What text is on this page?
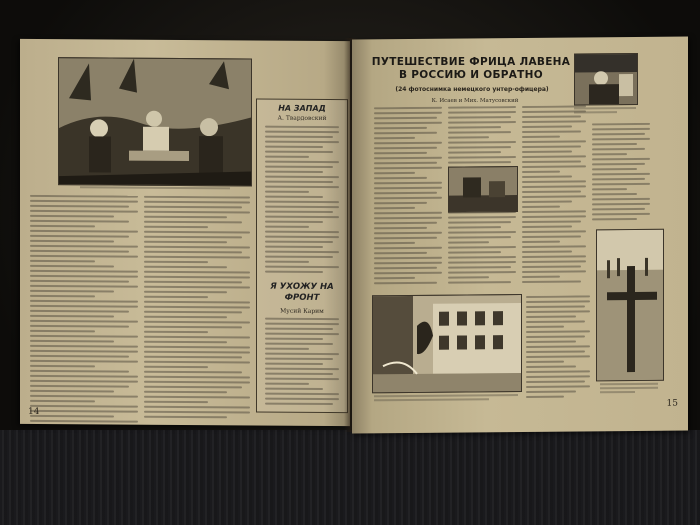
НА ЗАПАД
А. Твардовский
Я УХОЖУ НА ФРОНТ
Мусий Карим
14
15
ПУТЕШЕСТВИЕ ФРИЦА ЛАВЕНА В РОССИЮ И ОБРАТНО
(24 фотоснимка немецкого унтер-офицера)
К. Исаев и Мих. Матусовский
